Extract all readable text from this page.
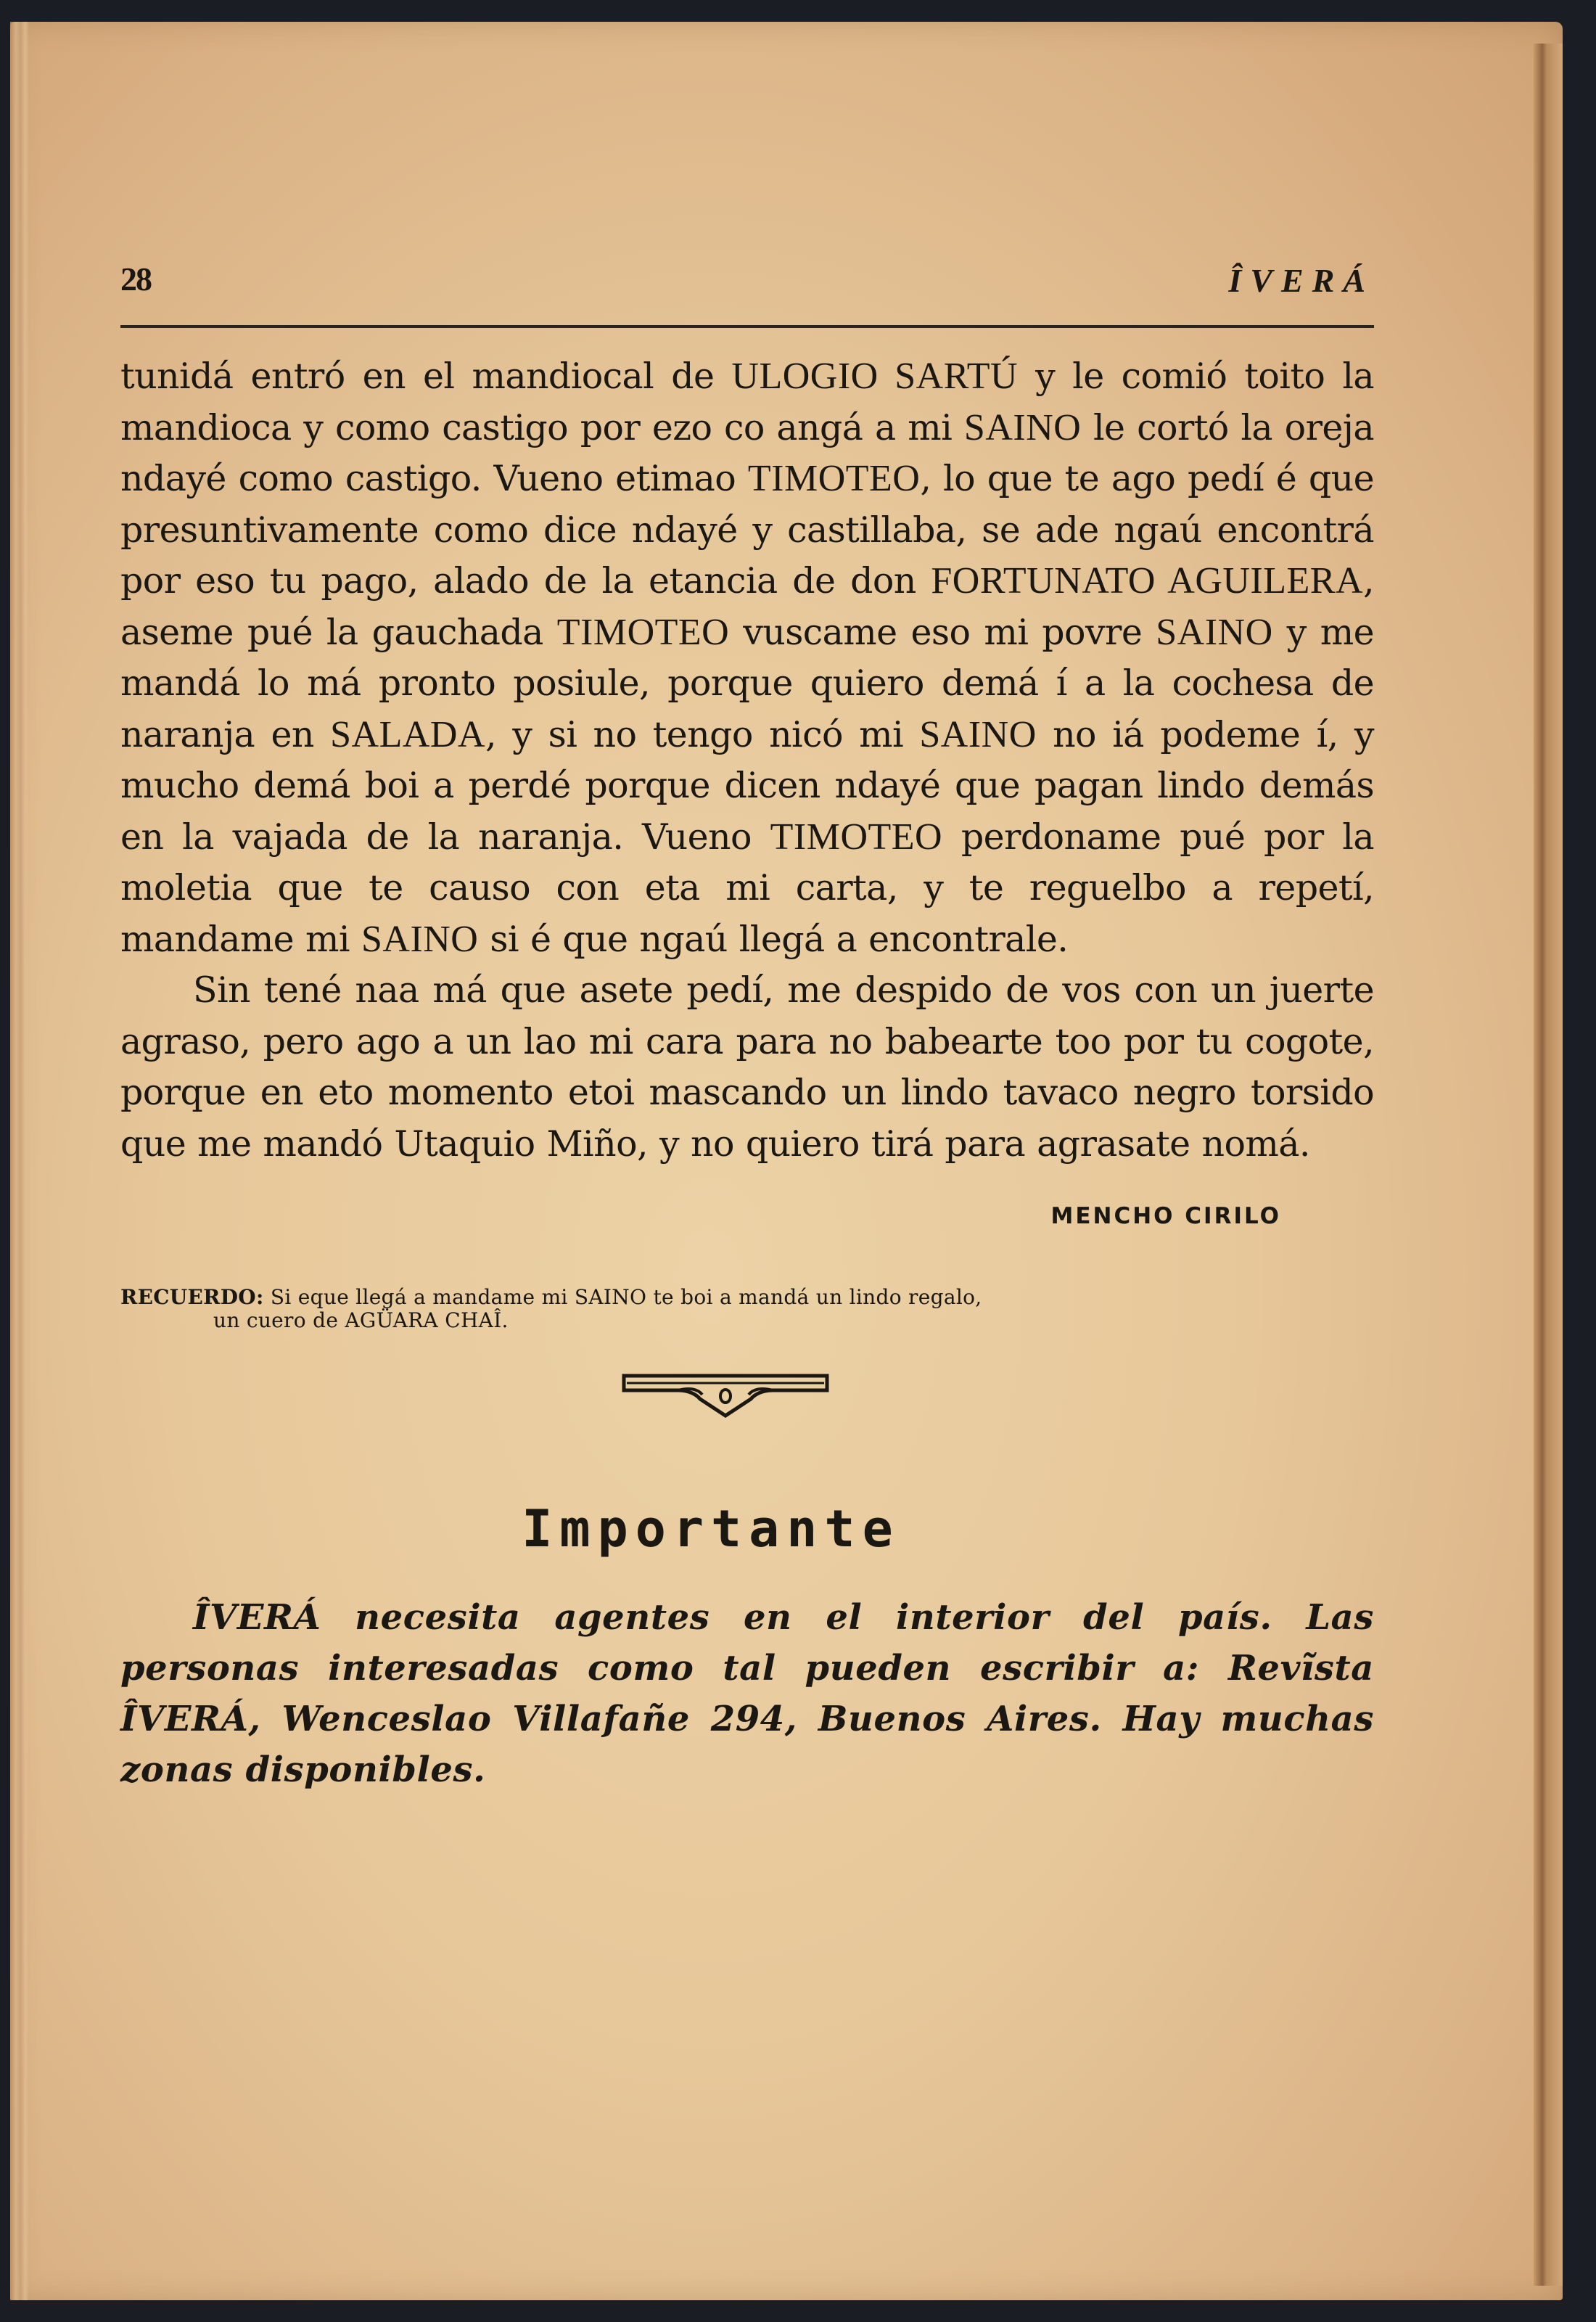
28	ÎVERÁ

tunidá entró en el mandiocal de ULOGIO SARTÚ y le comió toito la mandioca y como castigo por ezo co angá a mi SAINO le cortó la oreja ndayé como castigo. Vueno etimao TIMOTEO, lo que te ago pedí é que presuntivamente como dice ndayé y castillaba, se ade ngaú encontrá por eso tu pago, alado de la etancia de don FORTUNATO AGUILERA, aseme pué la gauchada TIMOTEO vuscame eso mi povre SAINO y me mandá lo má pronto posiule, porque quiero demá í a la cochesa de naranja en SALADA, y si no tengo nicó mi SAINO no iá podeme í, y mucho demá boi a perdé porque dicen ndayé que pagan lindo demás en la vajada de la naranja. Vueno TIMOTEO perdoname pué por la moletia que te causo con eta mi carta, y te reguelbo a repetí, mandame mi SAINO si é que ngaú llegá a encontrale.

Sin tené naa má que asete pedí, me despido de vos con un juerte agraso, pero ago a un lao mi cara para no babearte too por tu cogote, porque en eto momento etoi mascando un lindo tavaco negro torsido que me mandó Utaquio Miño, y no quiero tirá para agrasate nomá.

MENCHO CIRILO
RECUERDO: Si eque llegá a mandame mi SAINO te boi a mandá un lindo regalo,
un cuero de AGÜARA CHAÎ.
Importante
ÎVERÁ necesita agentes en el interior del país. Las personas interesadas como tal pueden escribir a: Revĩsta ÎVERÁ, Wenceslao Villafañe 294, Buenos Aires. Hay muchas zonas disponibles.
